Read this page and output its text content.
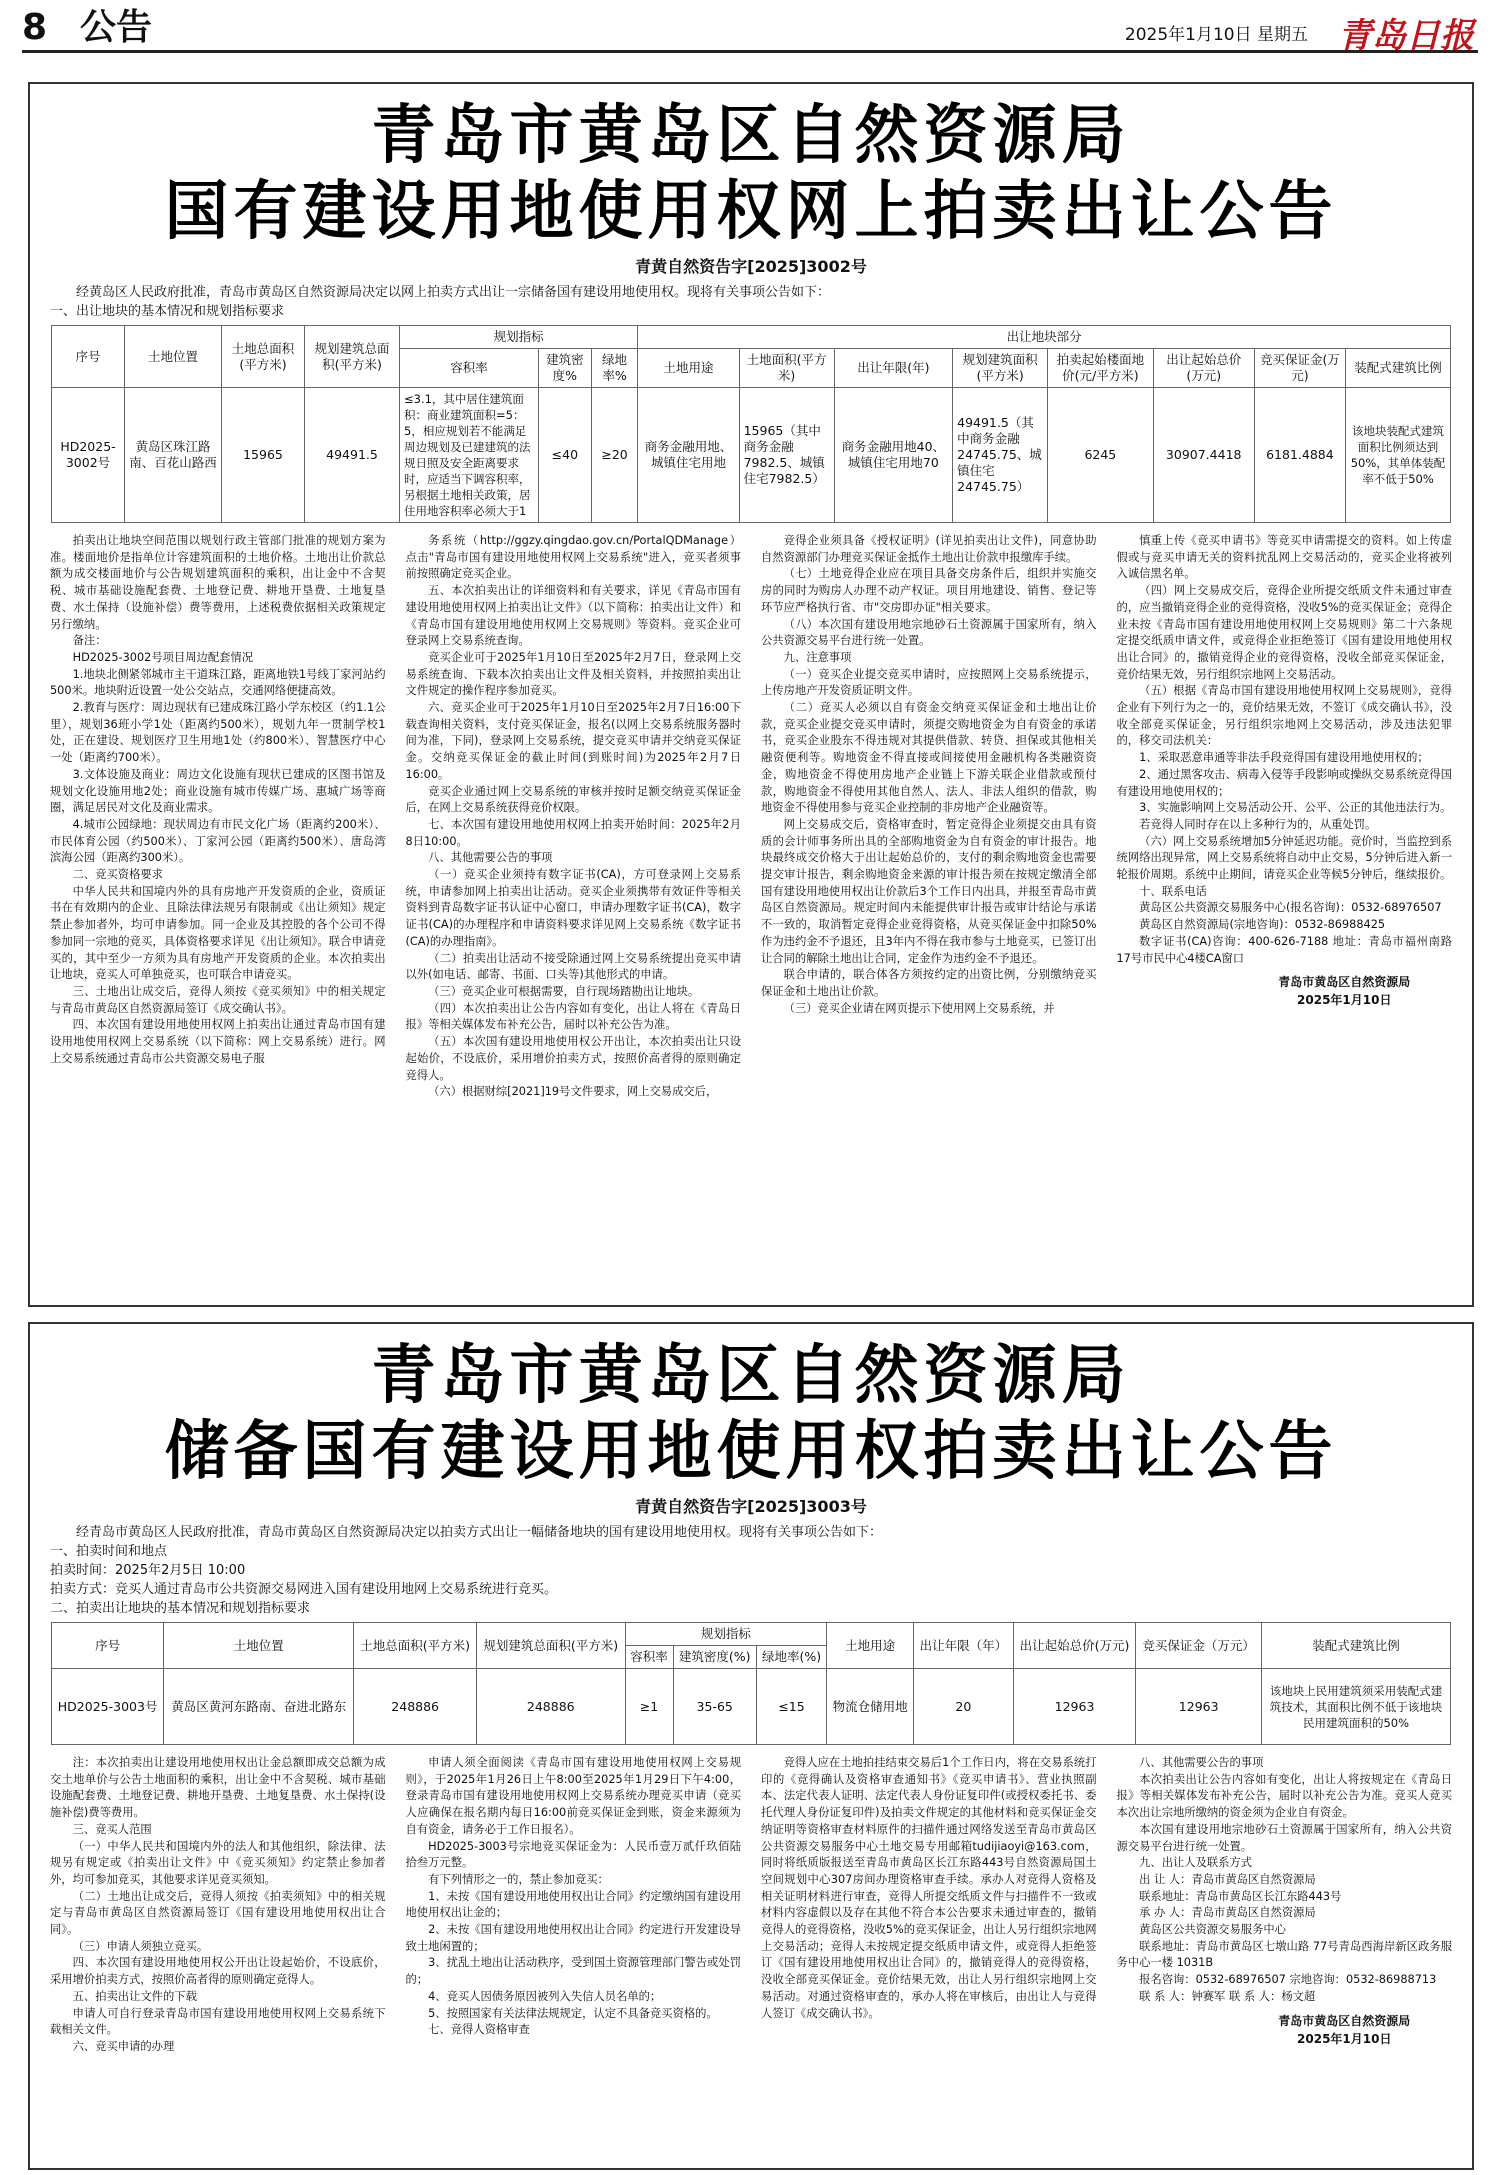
8 公告	2025年1月10日 星期五 青岛日报
青岛市黄岛区自然资源局
国有建设用地使用权网上拍卖出让公告
青黄自然资告字[2025]3002号
经黄岛区人民政府批准，青岛市黄岛区自然资源局决定以网上拍卖方式出让一宗储备国有建设用地使用权。现将有关事项公告如下：
一、出让地块的基本情况和规划指标要求
序号	土地位置	土地总面积(平方米)	规划建筑总面积(平方米)	规划指标			出让地块部分							
				容积率	建筑密度%	绿地率%	土地用途	土地面积(平方米)	出让年限(年)	规划建筑面积(平方米)	拍卖起始楼面地价(元/平方米)	出让起始总价(万元)	竞买保证金(万元)	装配式建筑比例
HD2025-3002号	黄岛区珠江路南、百花山路西	15965	49491.5	≤3.1，其中居住建筑面积：商业建筑面积=5：5，相应规划若不能满足周边规划及已建建筑的法规日照及安全距离要求时，应适当下调容积率，另根据土地相关政策，居住用地容积率必须大于1	≤40	≥20	商务金融用地、城镇住宅用地	15965（其中商务金融7982.5、城镇住宅7982.5）	商务金融用地40、城镇住宅用地70	49491.5（其中商务金融24745.75、城镇住宅24745.75）	6245	30907.4418	6181.4884	该地块装配式建筑面积比例须达到50%，其单体装配率不低于50%

拍卖出让地块空间范围以规划行政主管部门批准的规划方案为准。楼面地价是指单位计容建筑面积的土地价格。土地出让价款总额为成交楼面地价与公告规划建筑面积的乘积，出让金中不含契税、城市基础设施配套费、土地登记费、耕地开垦费、土地复垦费、水土保持（设施补偿）费等费用，上述税费依据相关政策规定另行缴纳。

备注：

HD2025-3002号项目周边配套情况

1.地块北侧紧邻城市主干道珠江路，距离地铁1号线丁家河站约500米。地块附近设置一处公交站点，交通网络便捷高效。

2.教育与医疗：周边现状有已建成珠江路小学东校区（约1.1公里），规划36班小学1处（距离约500米），规划九年一贯制学校1处，正在建设、规划医疗卫生用地1处（约800米）、智慧医疗中心一处（距离约700米）。

3.文体设施及商业：周边文化设施有现状已建成的区图书馆及规划文化设施用地2处；商业设施有城市传媒广场、惠城广场等商圈，满足居民对文化及商业需求。

4.城市公园绿地：现状周边有市民文化广场（距离约200米）、市民体育公园（约500米）、丁家河公园（距离约500米）、唐岛湾滨海公园（距离约300米）。

二、竞买资格要求

中华人民共和国境内外的具有房地产开发资质的企业，资质证书在有效期内的企业、且除法律法规另有限制或《出让须知》规定禁止参加者外，均可申请参加。同一企业及其控股的各个公司不得参加同一宗地的竞买，具体资格要求详见《出让须知》。联合申请竞买的，其中至少一方须为具有房地产开发资质的企业。本次拍卖出让地块，竞买人可单独竞买，也可联合申请竞买。

三、土地出让成交后，竞得人须按《竞买须知》中的相关规定与青岛市黄岛区自然资源局签订《成交确认书》。

四、本次国有建设用地使用权网上拍卖出让通过青岛市国有建设用地使用权网上交易系统（以下简称：网上交易系统）进行。网上交易系统通过青岛市公共资源交易电子服

务系统（http://ggzy.qingdao.gov.cn/PortalQDManage）点击"青岛市国有建设用地使用权网上交易系统"进入，竞买者须事前按照确定竞买企业。

五、本次拍卖出让的详细资料和有关要求，详见《青岛市国有建设用地使用权网上拍卖出让文件》（以下简称：拍卖出让文件）和《青岛市国有建设用地使用权网上交易规则》等资料。竞买企业可登录网上交易系统查询。

竞买企业可于2025年1月10日至2025年2月7日，登录网上交易系统查询、下载本次拍卖出让文件及相关资料，并按照拍卖出让文件规定的操作程序参加竞买。

六、竞买企业可于2025年1月10日至2025年2月7日16:00下载查询相关资料，支付竞买保证金，报名(以网上交易系统服务器时间为准，下同)，登录网上交易系统，提交竞买申请并交纳竞买保证金。交纳竞买保证金的截止时间(到账时间)为2025年2月7日16:00。

竞买企业通过网上交易系统的审核并按时足额交纳竞买保证金后，在网上交易系统获得竞价权限。

七、本次国有建设用地使用权网上拍卖开始时间：2025年2月8日10:00。

八、其他需要公告的事项

（一）竞买企业须持有数字证书(CA)，方可登录网上交易系统，申请参加网上拍卖出让活动。竞买企业须携带有效证件等相关资料到青岛数字证书认证中心窗口，申请办理数字证书(CA)，数字证书(CA)的办理程序和申请资料要求详见网上交易系统《数字证书(CA)的办理指南》。

（二）拍卖出让活动不接受除通过网上交易系统提出竞买申请以外(如电话、邮寄、书面、口头等)其他形式的申请。

（三）竞买企业可根据需要，自行现场踏勘出让地块。

（四）本次拍卖出让公告内容如有变化，出让人将在《青岛日报》等相关媒体发布补充公告，届时以补充公告为准。

（五）本次国有建设用地使用权公开出让，本次拍卖出让只设起始价，不设底价，采用增价拍卖方式，按照价高者得的原则确定竞得人。

（六）根据财综[2021]19号文件要求，网上交易成交后，

竞得企业须具备《授权证明》(详见拍卖出让文件)，同意协助自然资源部门办理竞买保证金抵作土地出让价款申报缴库手续。

（七）土地竞得企业应在项目具备交房条件后，组织并实施交房的同时为购房人办理不动产权证。项目用地建设、销售、登记等环节应严格执行省、市"交房即办证"相关要求。

（八）本次国有建设用地宗地砂石土资源属于国家所有，纳入公共资源交易平台进行统一处置。

九、注意事项

（一）竞买企业提交竞买申请时，应按照网上交易系统提示，上传房地产开发资质证明文件。

（二）竞买人必须以自有资金交纳竞买保证金和土地出让价款，竞买企业提交竞买申请时，须提交购地资金为自有资金的承诺书，竞买企业股东不得违规对其提供借款、转贷、担保或其他相关融资便利等。购地资金不得直接或间接使用金融机构各类融资资金，购地资金不得使用房地产企业链上下游关联企业借款或预付款，购地资金不得使用其他自然人、法人、非法人组织的借款，购地资金不得使用参与竞买企业控制的非房地产企业融资等。

网上交易成交后，资格审查时，暂定竞得企业须提交由具有资质的会计师事务所出具的全部购地资金为自有资金的审计报告。地块最终成交价格大于出让起始总价的，支付的剩余购地资金也需要提交审计报告，剩余购地资金来源的审计报告须在按规定缴清全部国有建设用地使用权出让价款后3个工作日内出具，并报至青岛市黄岛区自然资源局。规定时间内未能提供审计报告或审计结论与承诺不一致的，取消暂定竞得企业竞得资格，从竞买保证金中扣除50%作为违约金不予退还，且3年内不得在我市参与土地竞买，已签订出让合同的解除土地出让合同，定金作为违约金不予退还。

联合申请的，联合体各方须按约定的出资比例，分别缴纳竞买保证金和土地出让价款。

（三）竞买企业请在网页提示下使用网上交易系统，并

慎重上传《竞买申请书》等竞买申请需提交的资料。如上传虚假或与竞买申请无关的资料扰乱网上交易活动的，竞买企业将被列入诚信黑名单。

（四）网上交易成交后，竞得企业所提交纸质文件未通过审查的，应当撤销竞得企业的竞得资格，没收5%的竞买保证金；竞得企业未按《青岛市国有建设用地使用权网上交易规则》第二十六条规定提交纸质申请文件，或竞得企业拒绝签订《国有建设用地使用权出让合同》的，撤销竞得企业的竞得资格，没收全部竞买保证金，竞价结果无效，另行组织宗地网上交易活动。

（五）根据《青岛市国有建设用地使用权网上交易规则》，竞得企业有下列行为之一的，竞价结果无效，不签订《成交确认书》，没收全部竞买保证金，另行组织宗地网上交易活动，涉及违法犯罪的，移交司法机关：

1、采取恶意串通等非法手段竞得国有建设用地使用权的；

2、通过黑客攻击、病毒入侵等手段影响或操纵交易系统竞得国有建设用地使用权的；

3、实施影响网上交易活动公开、公平、公正的其他违法行为。

若竞得人同时存在以上多种行为的，从重处罚。

（六）网上交易系统增加5分钟延迟功能。竞价时，当监控到系统网络出现异常，网上交易系统将自动中止交易，5分钟后进入新一轮报价周期。系统中止期间，请竞买企业等候5分钟后，继续报价。

十、联系电话

黄岛区公共资源交易服务中心(报名咨询)：0532-68976507

黄岛区自然资源局(宗地咨询)：0532-86988425

数字证书(CA)咨询：400-626-7188 地址：青岛市福州南路17号市民中心4楼CA窗口

青岛市黄岛区自然资源局
2025年1月10日
青岛市黄岛区自然资源局
储备国有建设用地使用权拍卖出让公告
青黄自然资告字[2025]3003号
经青岛市黄岛区人民政府批准，青岛市黄岛区自然资源局决定以拍卖方式出让一幅储备地块的国有建设用地使用权。现将有关事项公告如下：
一、拍卖时间和地点
拍卖时间：2025年2月5日 10:00
拍卖方式：竞买人通过青岛市公共资源交易网进入国有建设用地网上交易系统进行竞买。
二、拍卖出让地块的基本情况和规划指标要求
序号	土地位置	土地总面积(平方米)	规划建筑总面积(平方米)	规划指标			土地用途	出让年限（年）	出让起始总价(万元)	竞买保证金（万元）	装配式建筑比例
				容积率	建筑密度(%)	绿地率(%)					
HD2025-3003号	黄岛区黄河东路南、奋进北路东	248886	248886	≥1	35-65	≤15	物流仓储用地	20	12963	12963	该地块上民用建筑须采用装配式建筑技术，其面积比例不低于该地块民用建筑面积的50%

注：本次拍卖出让建设用地使用权出让金总额即成交总额为成交土地单价与公告土地面积的乘积，出让金中不含契税、城市基础设施配套费、土地登记费、耕地开垦费、土地复垦费、水土保持(设施补偿)费等费用。

三、竞买人范围

（一）中华人民共和国境内外的法人和其他组织，除法律、法规另有规定或《拍卖出让文件》中《竞买须知》约定禁止参加者外，均可参加竞买，其他要求详见竞买须知。

（二）土地出让成交后，竞得人须按《拍卖须知》中的相关规定与青岛市黄岛区自然资源局签订《国有建设用地使用权出让合同》。

（三）申请人须独立竞买。

四、本次国有建设用地使用权公开出让设起始价，不设底价，采用增价拍卖方式，按照价高者得的原则确定竞得人。

五、拍卖出让文件的下载

申请人可自行登录青岛市国有建设用地使用权网上交易系统下载相关文件。

六、竞买申请的办理

申请人须全面阅读《青岛市国有建设用地使用权网上交易规则》，于2025年1月26日上午8:00至2025年1月29日下午4:00，登录青岛市国有建设用地使用权网上交易系统办理竞买申请（竞买人应确保在报名期内每日16:00前竞买保证金到账，资金来源须为自有资金，请务必于工作日报名）。

HD2025-3003号宗地竞买保证金为：人民币壹万贰仟玖佰陆拾叁万元整。

有下列情形之一的，禁止参加竞买：

1、未按《国有建设用地使用权出让合同》约定缴纳国有建设用地使用权出让金的；

2、未按《国有建设用地使用权出让合同》约定进行开发建设导致土地闲置的；

3、扰乱土地出让活动秩序，受到国土资源管理部门警告或处罚的；

4、竞买人因债务原因被列入失信人员名单的；

5、按照国家有关法律法规规定，认定不具备竞买资格的。

七、竞得人资格审查

竞得人应在土地拍挂结束交易后1个工作日内，将在交易系统打印的《竞得确认及资格审查通知书》《竞买申请书》、营业执照副本、法定代表人证明、法定代表人身份证复印件(或授权委托书、委托代理人身份证复印件)及拍卖文件规定的其他材料和竞买保证金交纳证明等资格审查材料原件的扫描件通过网络发送至青岛市黄岛区公共资源交易服务中心土地交易专用邮箱tudijiaoyi@163.com，同时将纸质版报送至青岛市黄岛区长江东路443号自然资源局国土空间规划中心307房间办理资格审查手续。承办人对竞得人资格及相关证明材料进行审查，竞得人所提交纸质文件与扫描件不一致或材料内容虚假以及存在其他不符合本公告要求未通过审查的，撤销竞得人的竞得资格，没收5%的竞买保证金，出让人另行组织宗地网上交易活动；竞得人未按规定提交纸质申请文件，或竞得人拒绝签订《国有建设用地使用权出让合同》的，撤销竞得人的竞得资格，没收全部竞买保证金。竞价结果无效，出让人另行组织宗地网上交易活动。对通过资格审查的，承办人将在审核后，由出让人与竞得人签订《成交确认书》。

八、其他需要公告的事项

本次拍卖出让公告内容如有变化，出让人将按规定在《青岛日报》等相关媒体发布补充公告，届时以补充公告为准。竞买人竞买本次出让宗地所缴纳的资金须为企业自有资金。

本次国有建设用地宗地砂石土资源属于国家所有，纳入公共资源交易平台进行统一处置。

九、出让人及联系方式

出 让 人：青岛市黄岛区自然资源局

联系地址：青岛市黄岛区长江东路443号

承 办 人：青岛市黄岛区自然资源局

黄岛区公共资源交易服务中心

联系地址：青岛市黄岛区七墩山路 77号青岛西海岸新区政务服务中心一楼 1031B

报名咨询：0532-68976507 宗地咨询：0532-86988713

联 系 人：钟赛军 联 系 人：杨文超

青岛市黄岛区自然资源局
2025年1月10日
